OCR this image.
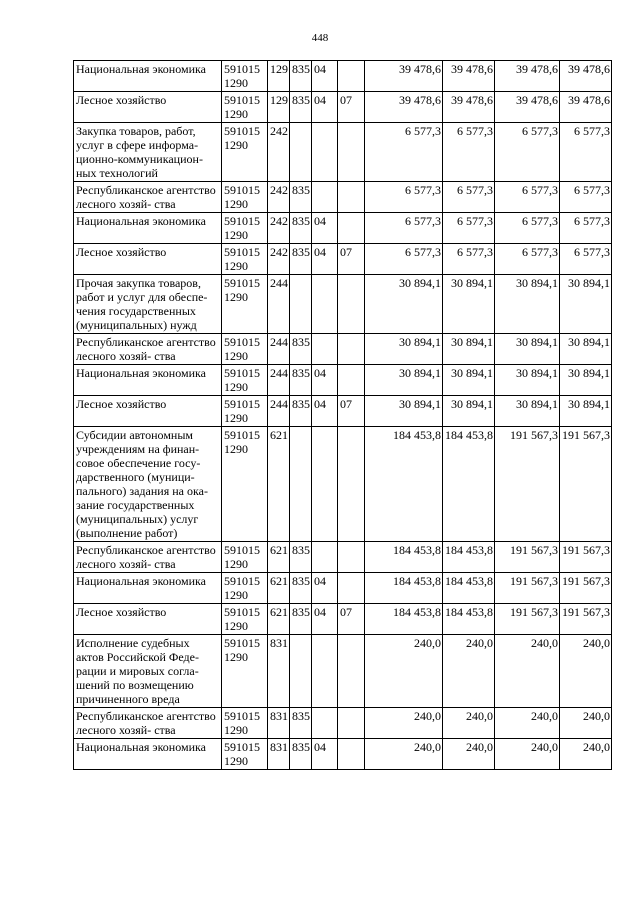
448
Национальная экономика	591015 1290	129	835	04		39 478,6	39 478,6	39 478,6	39 478,6
Лесное хозяйство	591015 1290	129	835	04	07	39 478,6	39 478,6	39 478,6	39 478,6
Закупка товаров, работ, услуг в сфере информа- ционно-коммуникацион- ных технологий	591015 1290	242				6 577,3	6 577,3	6 577,3	6 577,3
Республиканское агентство лесного хозяй- ства	591015 1290	242	835			6 577,3	6 577,3	6 577,3	6 577,3
Национальная экономика	591015 1290	242	835	04		6 577,3	6 577,3	6 577,3	6 577,3
Лесное хозяйство	591015 1290	242	835	04	07	6 577,3	6 577,3	6 577,3	6 577,3
Прочая закупка товаров, работ и услуг для обеспе- чения государственных (муниципальных) нужд	591015 1290	244				30 894,1	30 894,1	30 894,1	30 894,1
Республиканское агентство лесного хозяй- ства	591015 1290	244	835			30 894,1	30 894,1	30 894,1	30 894,1
Национальная экономика	591015 1290	244	835	04		30 894,1	30 894,1	30 894,1	30 894,1
Лесное хозяйство	591015 1290	244	835	04	07	30 894,1	30 894,1	30 894,1	30 894,1
Субсидии автономным учреждениям на финан- совое обеспечение госу- дарственного (муници- пального) задания на ока- зание государственных (муниципальных) услуг (выполнение работ)	591015 1290	621				184 453,8	184 453,8	191 567,3	191 567,3
Республиканское агентство лесного хозяй- ства	591015 1290	621	835			184 453,8	184 453,8	191 567,3	191 567,3
Национальная экономика	591015 1290	621	835	04		184 453,8	184 453,8	191 567,3	191 567,3
Лесное хозяйство	591015 1290	621	835	04	07	184 453,8	184 453,8	191 567,3	191 567,3
Исполнение судебных актов Российской Феде- рации и мировых согла- шений по возмещению причиненного вреда	591015 1290	831				240,0	240,0	240,0	240,0
Республиканское агентство лесного хозяй- ства	591015 1290	831	835			240,0	240,0	240,0	240,0
Национальная экономика	591015 1290	831	835	04		240,0	240,0	240,0	240,0
